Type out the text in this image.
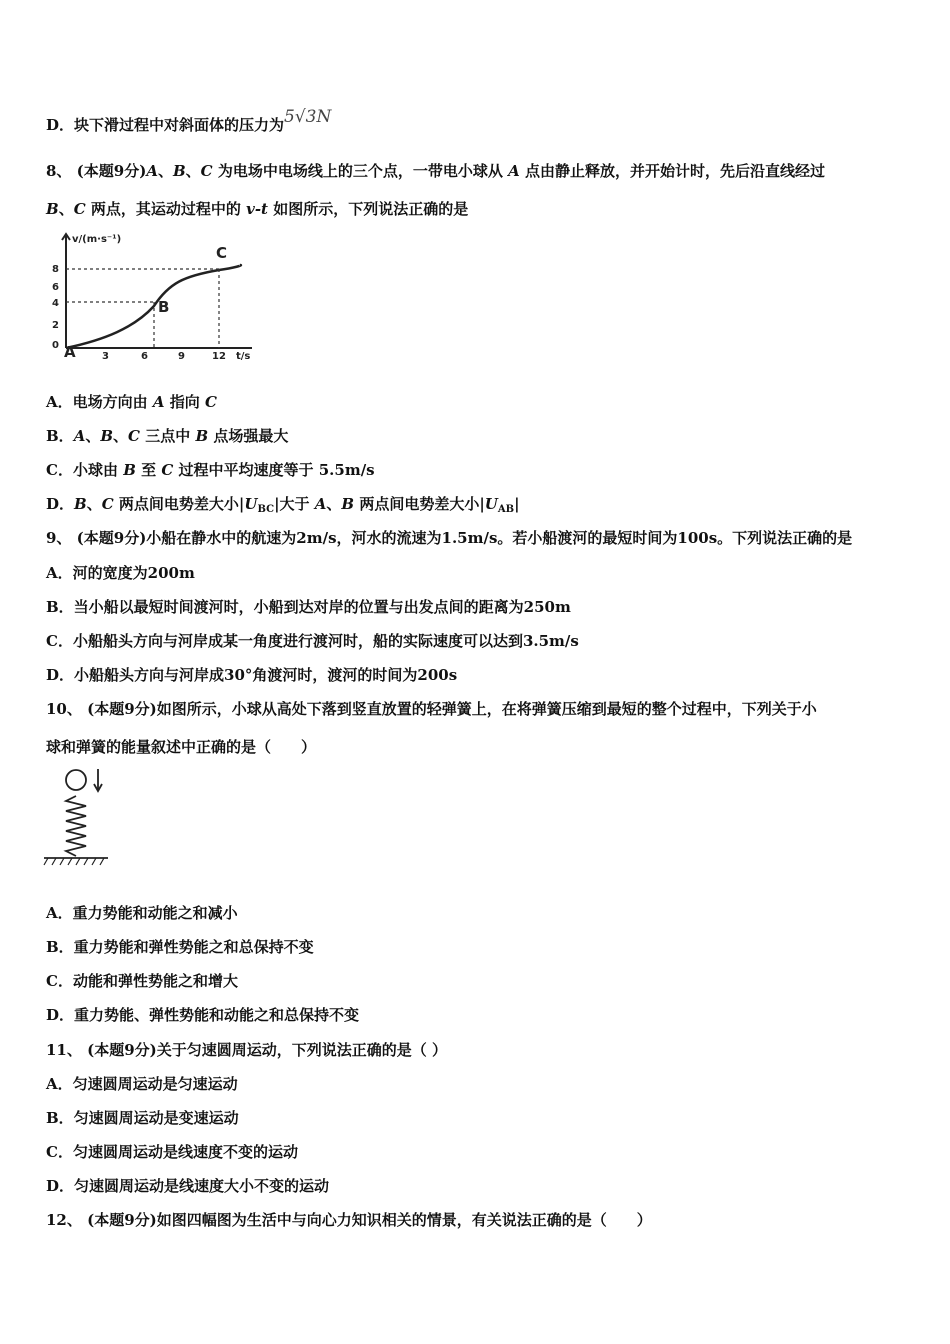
D．块下滑过程中对斜面体的压力为5√3N
8、 (本题9分)A、B、C 为电场中电场线上的三个点，一带电小球从 A 点由静止释放，并开始计时，先后沿直线经过
B、C 两点，其运动过程中的 v-t 如图所示，下列说法正确的是
v/(m·s⁻¹)
8
6
4
2
0
3	6	9	12 t/s
A
B
C
A．电场方向由 A 指向 C
B．A、B、C 三点中 B 点场强最大
C．小球由 B 至 C 过程中平均速度等于 5.5m/s
D．B、C 两点间电势差大小$|U_{BC}|$大于 A、B 两点间电势差大小$|U_{AB}|$
9、 (本题9分)小船在静水中的航速为2m/s，河水的流速为1.5m/s。若小船渡河的最短时间为100s。下列说法正确的是
A．河的宽度为200m
B．当小船以最短时间渡河时，小船到达对岸的位置与出发点间的距离为250m
C．小船船头方向与河岸成某一角度进行渡河时，船的实际速度可以达到3.5m/s
D．小船船头方向与河岸成30°角渡河时，渡河的时间为200s
10、 (本题9分)如图所示，小球从高处下落到竖直放置的轻弹簧上，在将弹簧压缩到最短的整个过程中，下列关于小
球和弹簧的能量叙述中正确的是（　　）
A．重力势能和动能之和减小
B．重力势能和弹性势能之和总保持不变
C．动能和弹性势能之和增大
D．重力势能、弹性势能和动能之和总保持不变
11、 (本题9分)关于匀速圆周运动，下列说法正确的是（ ）
A．匀速圆周运动是匀速运动
B．匀速圆周运动是变速运动
C．匀速圆周运动是线速度不变的运动
D．匀速圆周运动是线速度大小不变的运动
12、 (本题9分)如图四幅图为生活中与向心力知识相关的情景，有关说法正确的是（　　）
